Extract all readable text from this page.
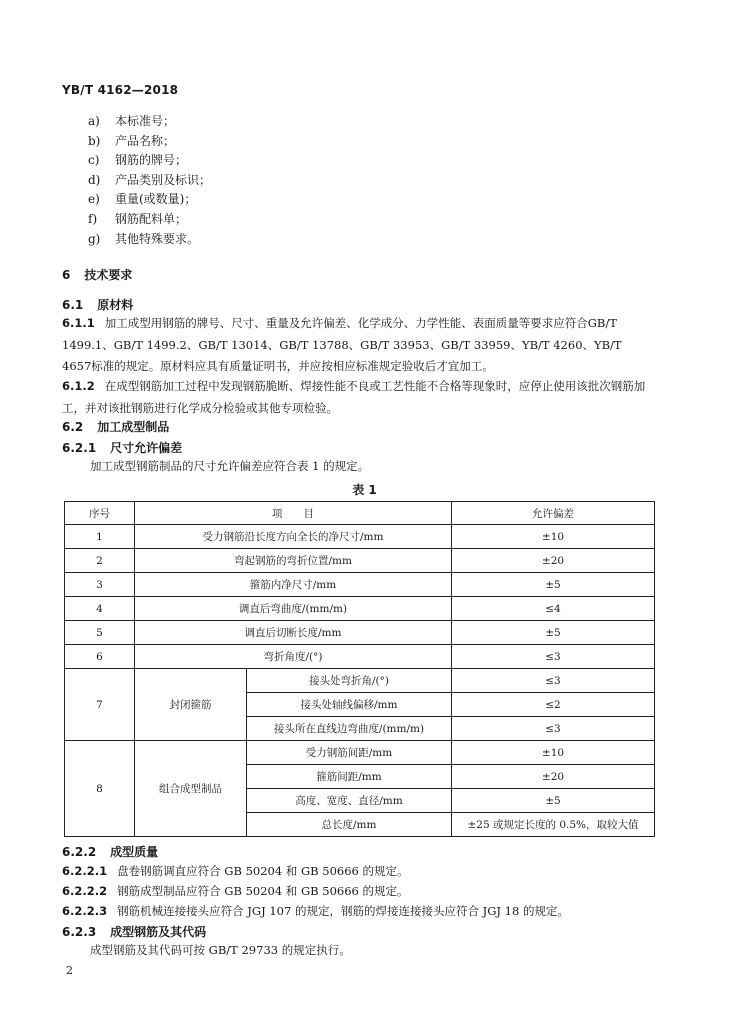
YB/T 4162—2018
a) 本标准号；
b) 产品名称；
c) 钢筋的牌号；
d) 产品类别及标识；
e) 重量(或数量)；
f) 钢筋配料单；
g) 其他特殊要求。
6 技术要求
6.1 原材料
6.1.1 加工成型用钢筋的牌号、尺寸、重量及允许偏差、化学成分、力学性能、表面质量等要求应符合GB/T 1499.1、GB/T 1499.2、GB/T 13014、GB/T 13788、GB/T 33953、GB/T 33959、YB/T 4260、YB/T 4657标准的规定。原材料应具有质量证明书，并应按相应标准规定验收后才宜加工。
6.1.2 在成型钢筋加工过程中发现钢筋脆断、焊接性能不良或工艺性能不合格等现象时，应停止使用该批次钢筋加工，并对该批钢筋进行化学成分检验或其他专项检验。
6.2 加工成型制品
6.2.1 尺寸允许偏差
加工成型钢筋制品的尺寸允许偏差应符合表 1 的规定。
表 1
序号	项　　目		允许偏差
1	受力钢筋沿长度方向全长的净尺寸/mm		±10
2	弯起钢筋的弯折位置/mm		±20
3	箍筋内净尺寸/mm		±5
4	调直后弯曲度/(mm/m)		≤4
5	调直后切断长度/mm		±5
6	弯折角度/(°)		≤3
7	封闭箍筋	接头处弯折角/(°)	≤3
		接头处轴线偏移/mm	≤2
		接头所在直线边弯曲度/(mm/m)	≤3
8	组合成型制品	受力钢筋间距/mm	±10
		箍筋间距/mm	±20
		高度、宽度、直径/mm	±5
		总长度/mm	±25 或规定长度的 0.5%，取较大值
6.2.2 成型质量
6.2.2.1 盘卷钢筋调直应符合 GB 50204 和 GB 50666 的规定。
6.2.2.2 钢筋成型制品应符合 GB 50204 和 GB 50666 的规定。
6.2.2.3 钢筋机械连接接头应符合 JGJ 107 的规定，钢筋的焊接连接接头应符合 JGJ 18 的规定。
6.2.3 成型钢筋及其代码
成型钢筋及其代码可按 GB/T 29733 的规定执行。
2
